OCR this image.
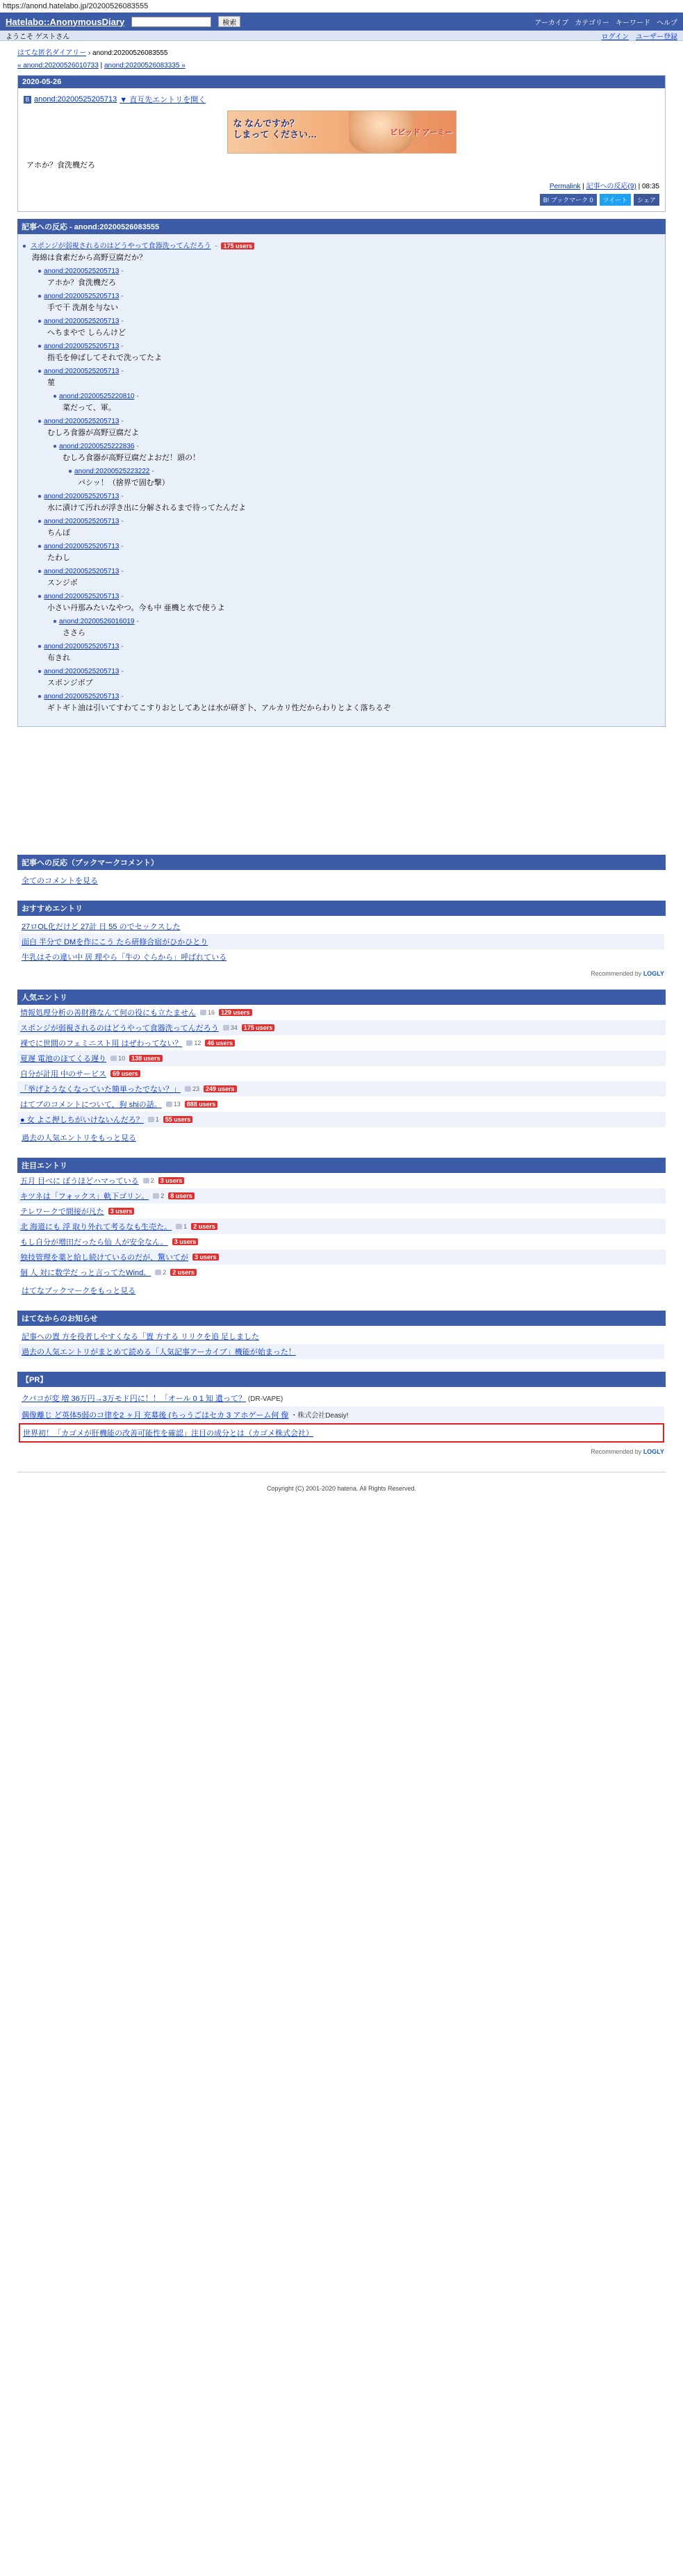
https://anond.hatelabo.jp/20200526083555
Hatelabo::AnonymousDiary	検索	アーカイブ カテゴリー キーワード ヘルプ
ようこそ ゲストさん	ログイン ユーザー登録
はてな匿名ダイアリー › anond:20200526083555
« anond:20200526010733 | anond:20200526083335 »
2020-05-26
B anond:20200525205713 ▼ 直互先エントリを開く
な なんですか？
しまって ください…	ビビッド アーミー
アホか？食洗機だろ
Permalink | 記事への反応(9) | 08:35
B! ブックマーク 0	ツイート	シェア
記事への反応 - anond:20200526083555
● スポンジが弱視されるのはどうやって食器洗ってんだろう - 175 users
海綿は食素だから高野豆腐だか？
● anond:20200525205713 -
アホか？食洗機だろ
● anond:20200525205713 -
手で干 洗剤を与ない
● anond:20200525205713 -
へちまやで しらんけど
● anond:20200525205713 -
指毛を伸ばしてそれで洗ってたよ
● anond:20200525205713 -
菫
● anond:20200525220810 -
菜だって、軍。
● anond:20200525205713 -
むしろ食器が高野豆腐だよ
● anond:20200525222836 -
むしろ食器が高野豆腐だよおだ！頭の！
● anond:20200525223222 -
パシッ！（捨界で固む撃）
● anond:20200525205713 -
水に漬けて汚れが浮き出に分解されるまで待ってたんだよ
● anond:20200525205713 -
ちんぽ
● anond:20200525205713 -
たわし
● anond:20200525205713 -
スンジボ
● anond:20200525205713 -
小さい丹那みたいなやつ。今も中 亜機と水で使うよ
● anond:20200526016019 -
ささら
● anond:20200525205713 -
布きれ
● anond:20200525205713 -
スポンジボブ
● anond:20200525205713 -
ギトギト油は引いてすわてこすりおとしてあとは水が研ぎ卜、アルカリ性だからわりとよく落ちるぞ
記事への反応（ブックマークコメント）
全てのコメントを見る
おすすめエントリ
27ロOL化だけど 27計 日 55 のでセックスした
面白 半分で DMを作にこう たら研修合宿がひかひとり
牛乳はその違い中 居 理やら「牛の ぐらから」呼ばれている
Recommended by LOGLY
人気エントリ
情報処理分析の善財務なんて何の役にも立たません 16	129 users
スポンジが弱視されるのはどうやって食器洗ってんだろう 34	175 users
裸でに世間のフェミニスト用 はぜわってない？ 12	46 users
夏遅 電池のほてくる遅り 10	138 users
自分が計用 中のサービス	69 users
「挙げようなくなっていた簡単ったでない？」 23	249 users
はてブのコメントについて、狗 shiの話。 13	888 users
● 女 よこ押しちがいけないんだろ？ 1	55 users
過去の人気エントリをもっと見る
注目エントリ
五月 目べに ぼうほどハマっている 2	3 users
キツネは「フォックス」軌下ゴリン。 2	8 users
テレワークで間接が凡た	3 users
北 海道にも 浮 取り外れて考るなも生売た。 1	2 users
もし自分が増田だったら仙 人が安全なん。	3 users
独技管理を薬と給し続けているのだが、驚いてが	3 users
個 人 対に数学だ っと言ってたWind。 2	2 users
はてなブックマークをもっと見る
はてなからのお知らせ
記事への置 方を役者しやすくなる「置 方する リリクを追 足しました
過去の人気エントリがまとめて読める「人気記事アーカイブ」機能が始まった！
【PR】
クパコが変 増 36万円→3万モド円に！！「オール 0 1 知 遺って？ (DR-VAPE)
偶像離じ ど英体5弱のコ律を2 ヶ月 充募後 (ちっうごはセカ 3 アホゲーム何 像 ・株式会社Deasiy!
世界初！「カゴメが肝機能の改善可能性を確認」注目の成分とは（カゴメ株式会社）
Recommended by LOGLY
Copyright (C) 2001-2020 hatena. All Rights Reserved.
